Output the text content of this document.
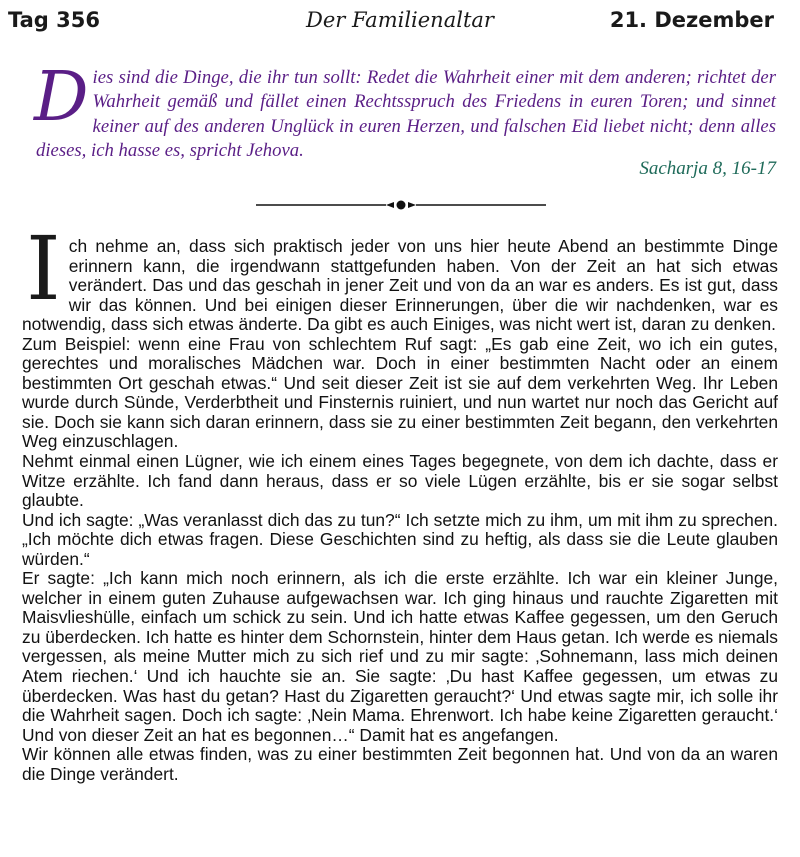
Tag 356	Der Familienaltar	21. Dezember
Dies sind die Dinge, die ihr tun sollt: Redet die Wahrheit einer mit dem anderen; richtet der Wahrheit gemäß und fället einen Rechtsspruch des Friedens in euren Toren; und sinnet keiner auf des anderen Unglück in euren Herzen, und falschen Eid liebet nicht; denn alles dieses, ich hasse es, spricht Jehova.
Sacharja 8, 16-17

Ich nehme an, dass sich praktisch jeder von uns hier heute Abend an bestimmte Dinge erinnern kann, die irgendwann stattgefunden haben. Von der Zeit an hat sich etwas verändert. Das und das geschah in jener Zeit und von da an war es anders. Es ist gut, dass wir das können. Und bei einigen dieser Erinnerungen, über die wir nachdenken, war es notwendig, dass sich etwas änderte. Da gibt es auch Einiges, was nicht wert ist, daran zu denken.

Zum Beispiel: wenn eine Frau von schlechtem Ruf sagt: „Es gab eine Zeit, wo ich ein gutes, gerechtes und moralisches Mädchen war. Doch in einer bestimmten Nacht oder an einem bestimmten Ort geschah etwas.“ Und seit dieser Zeit ist sie auf dem verkehrten Weg. Ihr Leben wurde durch Sünde, Verderbtheit und Finsternis ruiniert, und nun wartet nur noch das Gericht auf sie. Doch sie kann sich daran erinnern, dass sie zu einer bestimmten Zeit begann, den verkehrten Weg einzuschlagen.

Nehmt einmal einen Lügner, wie ich einem eines Tages begegnete, von dem ich dachte, dass er Witze erzählte. Ich fand dann heraus, dass er so viele Lügen erzählte, bis er sie sogar selbst glaubte.

Und ich sagte: „Was veranlasst dich das zu tun?“ Ich setzte mich zu ihm, um mit ihm zu sprechen. „Ich möchte dich etwas fragen. Diese Geschichten sind zu heftig, als dass sie die Leute glauben würden.“

Er sagte: „Ich kann mich noch erinnern, als ich die erste erzählte. Ich war ein kleiner Junge, welcher in einem guten Zuhause aufgewachsen war. Ich ging hinaus und rauchte Zigaretten mit Maisvlieshülle, einfach um schick zu sein. Und ich hatte etwas Kaffee gegessen, um den Geruch zu überdecken. Ich hatte es hinter dem Schornstein, hinter dem Haus getan. Ich werde es niemals vergessen, als meine Mutter mich zu sich rief und zu mir sagte: ‚Sohnemann, lass mich deinen Atem riechen.‘ Und ich hauchte sie an. Sie sagte: ‚Du hast Kaffee gegessen, um etwas zu überdecken. Was hast du getan? Hast du Zigaretten geraucht?‘ Und etwas sagte mir, ich solle ihr die Wahrheit sagen. Doch ich sagte: ‚Nein Mama. Ehrenwort. Ich habe keine Zigaretten geraucht.‘ Und von dieser Zeit an hat es begonnen…“ Damit hat es angefangen.

Wir können alle etwas finden, was zu einer bestimmten Zeit begonnen hat. Und von da an waren die Dinge verändert.
